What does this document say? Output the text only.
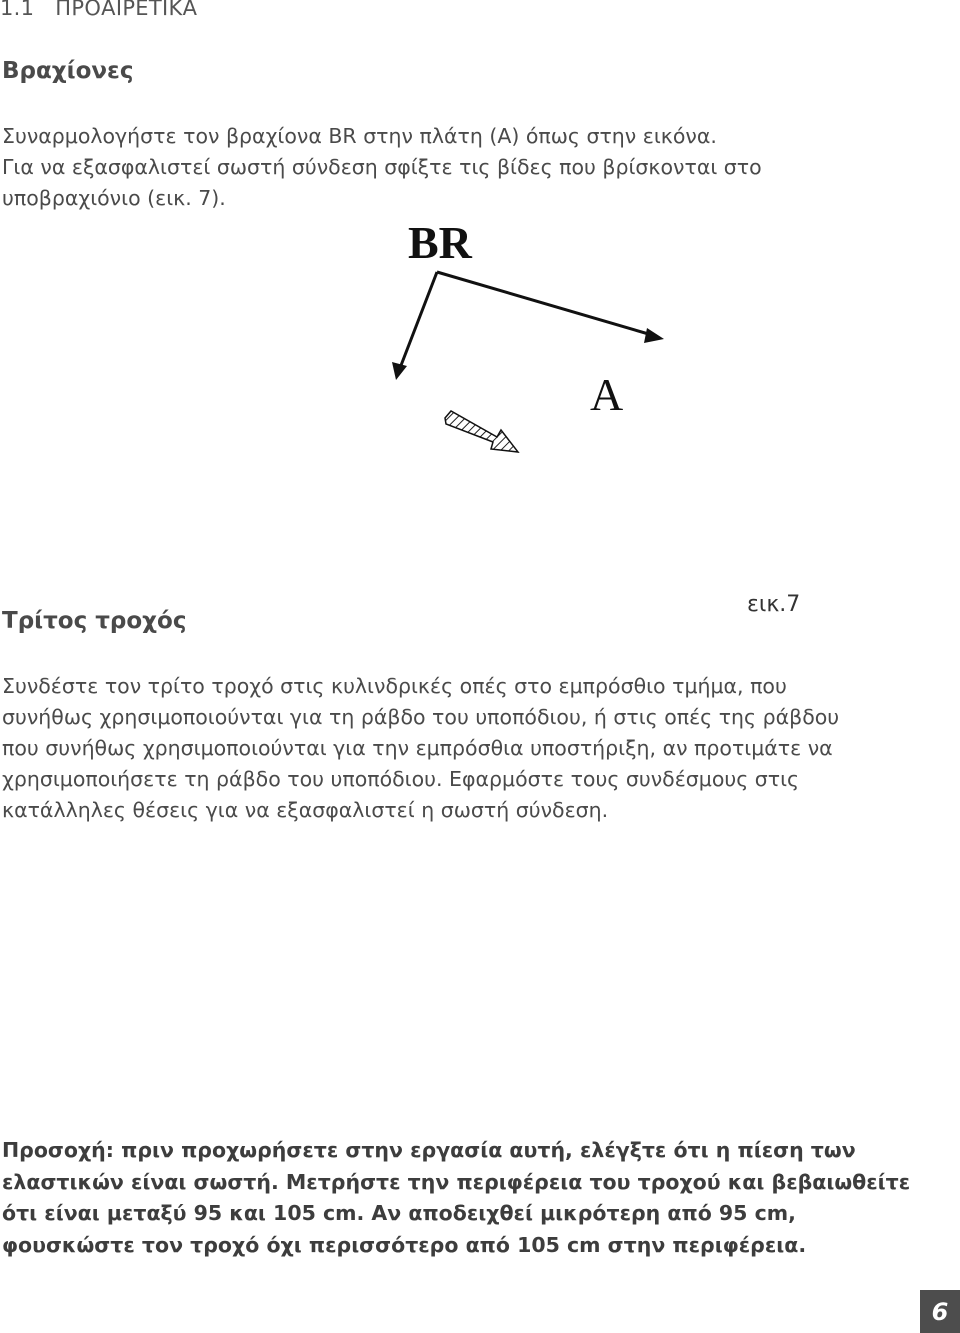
1.1 ΠΡΟΑΙΡΕΤΙΚΑ
Βραχίονες

Συναρμολογήστε τον βραχίονα BR στην πλάτη (A) όπως στην εικόνα.

Για να εξασφαλιστεί σωστή σύνδεση σφίξτε τις βίδες που βρίσκονται στο

υποβραχιόνιο (εικ. 7).

BR
A
Τρίτος τροχός
εικ.7

Συνδέστε τον τρίτο τροχό στις κυλινδρικές οπές στο εμπρόσθιο τμήμα, που

συνήθως χρησιμοποιούνται για τη ράβδο του υποπόδιου, ή στις οπές της ράβδου

που συνήθως χρησιμοποιούνται για την εμπρόσθια υποστήριξη, αν προτιμάτε να

χρησιμοποιήσετε τη ράβδο του υποπόδιου. Εφαρμόστε τους συνδέσμους στις

κατάλληλες θέσεις για να εξασφαλιστεί η σωστή σύνδεση.

Προσοχή: πριν προχωρήσετε στην εργασία αυτή, ελέγξτε ότι η πίεση των

ελαστικών είναι σωστή. Μετρήστε την περιφέρεια του τροχού και βεβαιωθείτε

ότι είναι μεταξύ 95 και 105 cm. Αν αποδειχθεί μικρότερη από 95 cm,

φουσκώστε τον τροχό όχι περισσότερο από 105 cm στην περιφέρεια.

6
